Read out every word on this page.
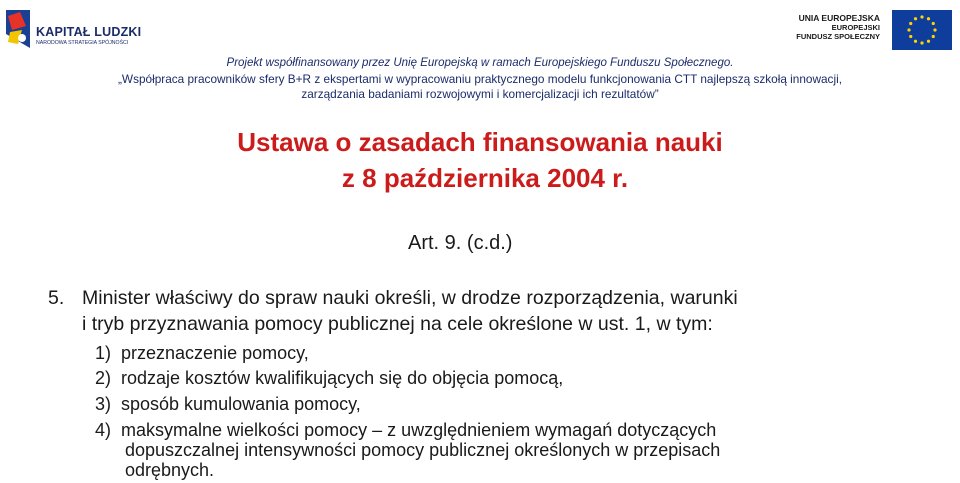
KAPITAŁ LUDZKI
NARODOWA STRATEGIA SPÓJNOŚCI
UNIA EUROPEJSKA
EUROPEJSKI
FUNDUSZ SPOŁECZNY
Projekt współfinansowany przez Unię Europejską w ramach Europejskiego Funduszu Społecznego.
„Współpraca pracowników sfery B+R z ekspertami w wypracowaniu praktycznego modelu funkcjonowania CTT najlepszą szkołą innowacji,
zarządzania badaniami rozwojowymi i komercjalizacji ich rezultatów”
Ustawa o zasadach finansowania nauki
z 8 października 2004 r.
Art. 9. (c.d.)
5. Minister właściwy do spraw nauki określi, w drodze rozporządzenia, warunki
i tryb przyznawania pomocy publicznej na cele określone w ust. 1, w tym:
1) przeznaczenie pomocy,
2) rodzaje kosztów kwalifikujących się do objęcia pomocą,
3) sposób kumulowania pomocy,
4) maksymalne wielkości pomocy – z uwzględnieniem wymagań dotyczących
dopuszczalnej intensywności pomocy publicznej określonych w przepisach
odrębnych.
